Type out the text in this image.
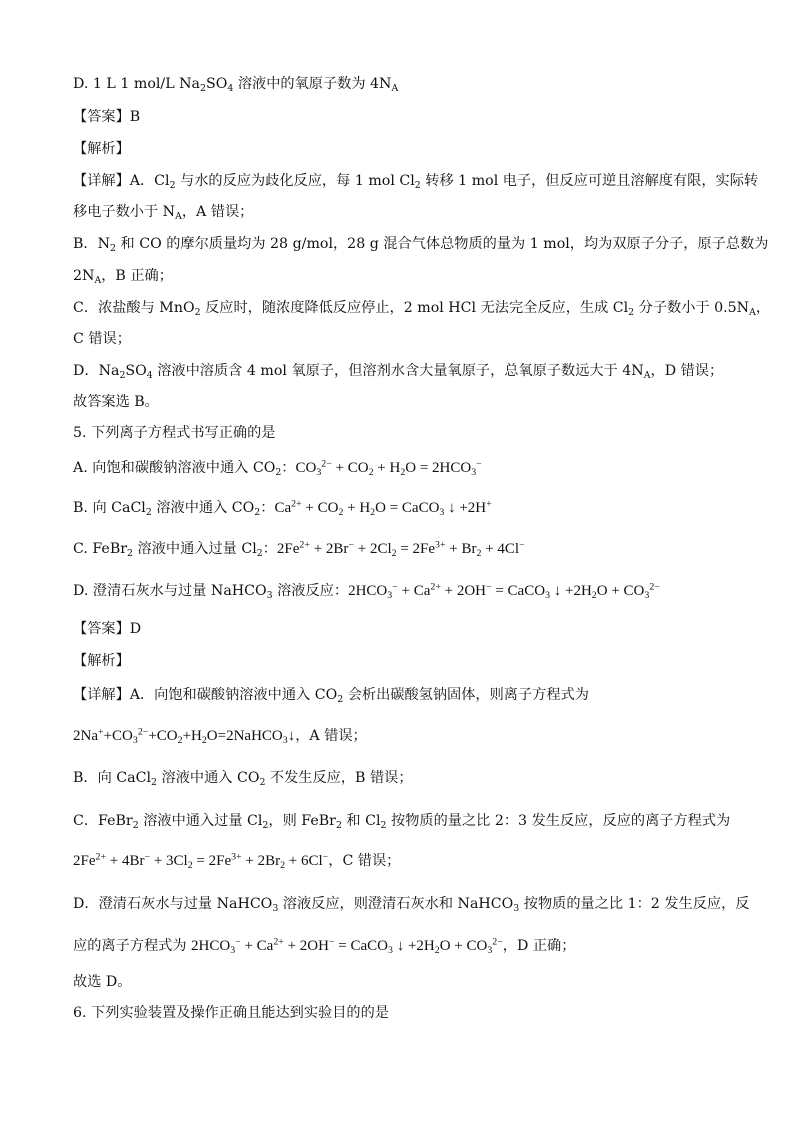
D. 1 L 1 mol/L $Na_2SO_4$ 溶液中的氧原子数为 $4N_A$
【答案】B
【解析】
【详解】A．$Cl_2$ 与水的反应为歧化反应，每 1 mol $Cl_2$ 转移 1 mol 电子，但反应可逆且溶解度有限，实际转
移电子数小于 $N_A$，A 错误；
B．$N_2$ 和 CO 的摩尔质量均为 28 g/mol，28 g 混合气体总物质的量为 1 mol，均为双原子分子，原子总数为
$2N_A$，B 正确；
C．浓盐酸与 MnO$_2$ 反应时，随浓度降低反应停止，2 mol HCl 无法完全反应，生成 $Cl_2$ 分子数小于 $0.5N_A$，
C 错误；
D．$Na_2SO_4$ 溶液中溶质含 4 mol 氧原子，但溶剂水含大量氧原子，总氧原子数远大于 $4N_A$，D 错误；
故答案选 B。
5. 下列离子方程式书写正确的是
A. 向饱和碳酸钠溶液中通入 $CO_2$：$CO_3^{2-} + CO_2 + H_2O = 2HCO_3^-$
B. 向 CaCl$_2$ 溶液中通入 $CO_2$：$Ca^{2+} + CO_2 + H_2O$ = CaCO$_3$ ↓ +2H+
C. FeBr$_2$ 溶液中通入过量 $Cl_2$：$2Fe^{2+} + 2Br^- + 2Cl_2 = 2Fe^{3+} + Br_2 + 4Cl^-$
D. 澄清石灰水与过量 NaHCO$_3$ 溶液反应：$2HCO_3^- + Ca^{2+} + 2OH^-$ = CaCO$_3$ ↓ $+2H_2O + CO_3^{2-}$
【答案】D
【解析】
【详解】A．向饱和碳酸钠溶液中通入 $CO_2$ 会析出碳酸氢钠固体，则离子方程式为
$2Na^++CO_3^{2-}+CO_2+H_2O=2NaHCO_3↓$，A 错误；
B．向 CaCl$_2$ 溶液中通入 $CO_2$ 不发生反应，B 错误；
C．FeBr$_2$ 溶液中通入过量 $Cl_2$，则 FeBr$_2$ 和 $Cl_2$ 按物质的量之比 2：3 发生反应，反应的离子方程式为
$2Fe^{2+} + 4Br^- + 3Cl_2 = 2Fe^{3+} + 2Br_2 + 6Cl^-$，C 错误；
D．澄清石灰水与过量 NaHCO$_3$ 溶液反应，则澄清石灰水和 NaHCO$_3$ 按物质的量之比 1：2 发生反应，反
应的离子方程式为 $2HCO_3^- + Ca^{2+} + 2OH^-$ = CaCO$_3$ ↓ $+2H_2O + CO_3^{2-}$，D 正确；
故选 D。
6. 下列实验装置及操作正确且能达到实验目的的是
